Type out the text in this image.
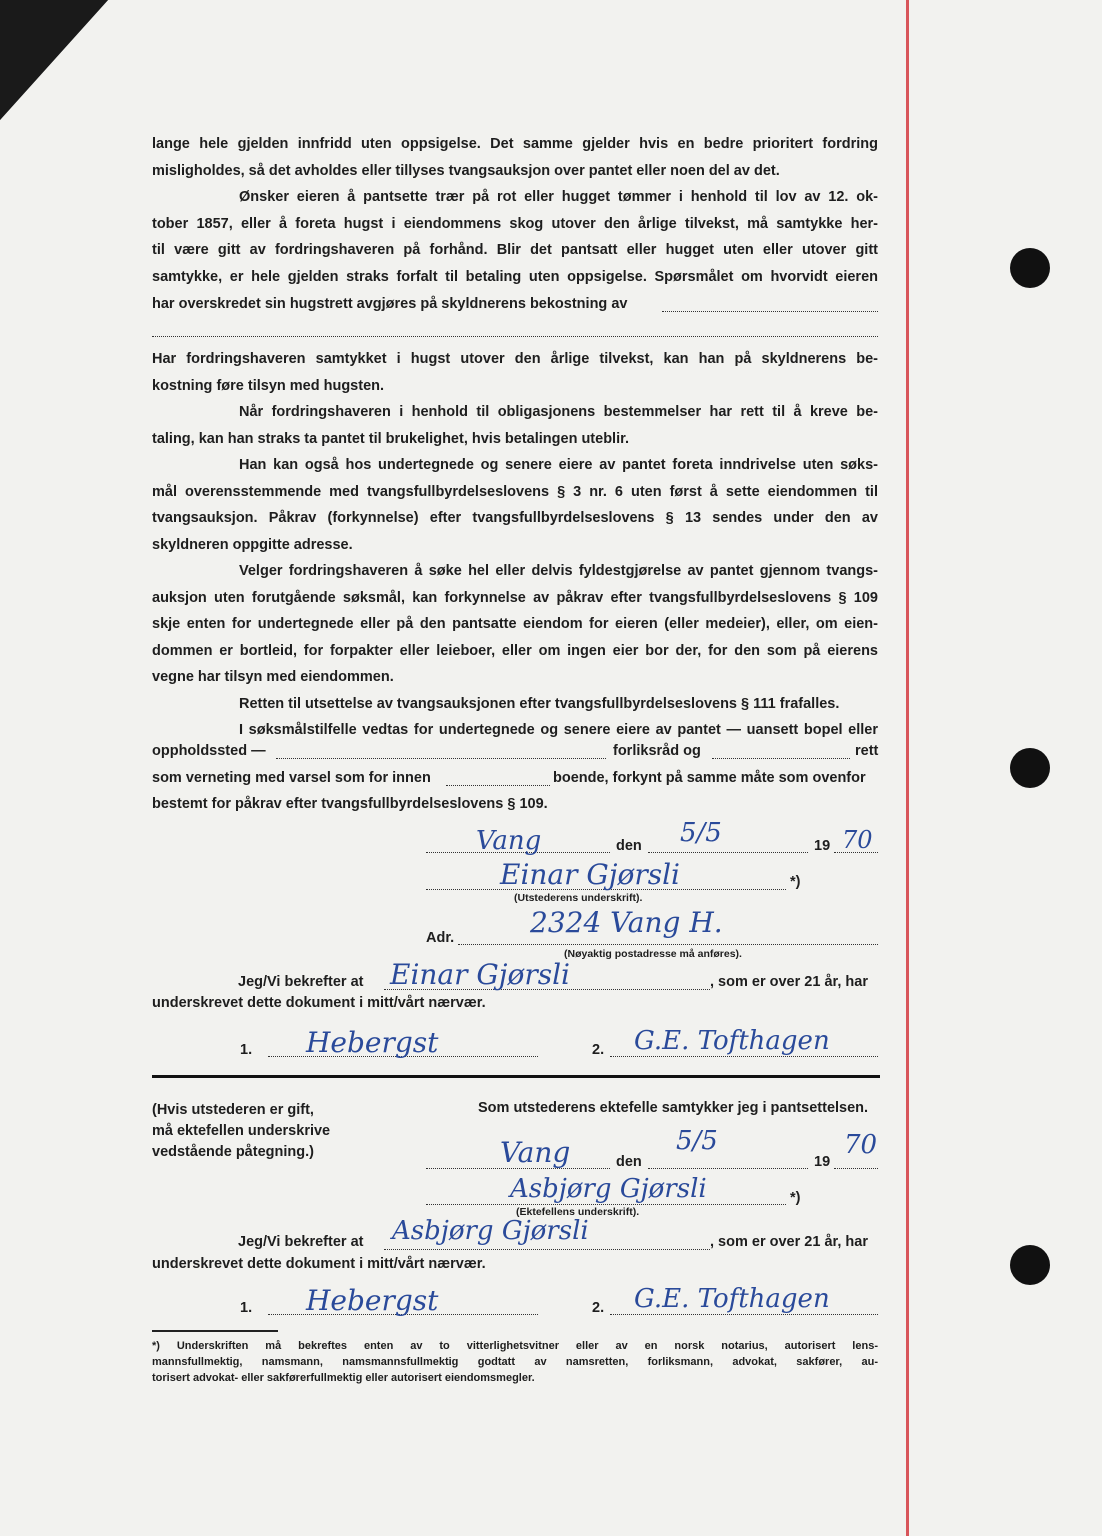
lange hele gjelden innfridd uten oppsigelse. Det samme gjelder hvis en bedre prioritert fordring
misligholdes, så det avholdes eller tillyses tvangsauksjon over pantet eller noen del av det.
Ønsker eieren å pantsette trær på rot eller hugget tømmer i henhold til lov av 12. ok-
tober 1857, eller å foreta hugst i eiendommens skog utover den årlige tilvekst, må samtykke her-
til være gitt av fordringshaveren på forhånd. Blir det pantsatt eller hugget uten eller utover gitt
samtykke, er hele gjelden straks forfalt til betaling uten oppsigelse. Spørsmålet om hvorvidt eieren
har overskredet sin hugstrett avgjøres på skyldnerens bekostning av
Har fordringshaveren samtykket i hugst utover den årlige tilvekst, kan han på skyldnerens be-
kostning føre tilsyn med hugsten.
Når fordringshaveren i henhold til obligasjonens bestemmelser har rett til å kreve be-
taling, kan han straks ta pantet til brukelighet, hvis betalingen uteblir.
Han kan også hos undertegnede og senere eiere av pantet foreta inndrivelse uten søks-
mål overensstemmende med tvangsfullbyrdelseslovens § 3 nr. 6 uten først å sette eiendommen til
tvangsauksjon. Påkrav (forkynnelse) efter tvangsfullbyrdelseslovens § 13 sendes under den av
skyldneren oppgitte adresse.
Velger fordringshaveren å søke hel eller delvis fyldestgjørelse av pantet gjennom tvangs-
auksjon uten forutgående søksmål, kan forkynnelse av påkrav efter tvangsfullbyrdelseslovens § 109
skje enten for undertegnede eller på den pantsatte eiendom for eieren (eller medeier), eller, om eien-
dommen er bortleid, for forpakter eller leieboer, eller om ingen eier bor der, for den som på eierens
vegne har tilsyn med eiendommen.
Retten til utsettelse av tvangsauksjonen efter tvangsfullbyrdelseslovens § 111 frafalles.
I søksmålstilfelle vedtas for undertegnede og senere eiere av pantet — uansett bopel eller
oppholdssted —	forliksråd og	rett
som verneting med varsel som for innen	boende, forkynt på samme måte som ovenfor
bestemt for påkrav efter tvangsfullbyrdelseslovens § 109.
Vang	den 5/5	19 70
Einar Gjørsli	*)
(Utstederens underskrift).
Adr.	2324 Vang H.
(Nøyaktig postadresse må anføres).
Jeg/Vi bekrefter at Einar Gjørsli	, som er over 21 år, har
underskrevet dette dokument i mitt/vårt nærvær.
1. Hebergst	2. G.E. Tofthagen
(Hvis utstederen er gift,
må ektefellen underskrive
vedstående påtegning.)
Som utstederens ektefelle samtykker jeg i pantsettelsen.
Vang	den
5/5
19
70
Asbjørg Gjørsli	*)
(Ektefellens underskrift).
Jeg/Vi bekrefter at Asbjørg Gjørsli	, som er over 21 år, har
underskrevet dette dokument i mitt/vårt nærvær.
1. Hebergst	2. G.E. Tofthagen
*) Underskriften må bekreftes enten av to vitterlighetsvitner eller av en norsk notarius, autorisert lens-
mannsfullmektig, namsmann, namsmannsfullmektig godtatt av namsretten, forliksmann, advokat, sakfører, au-
torisert advokat- eller sakførerfullmektig eller autorisert eiendomsmegler.
